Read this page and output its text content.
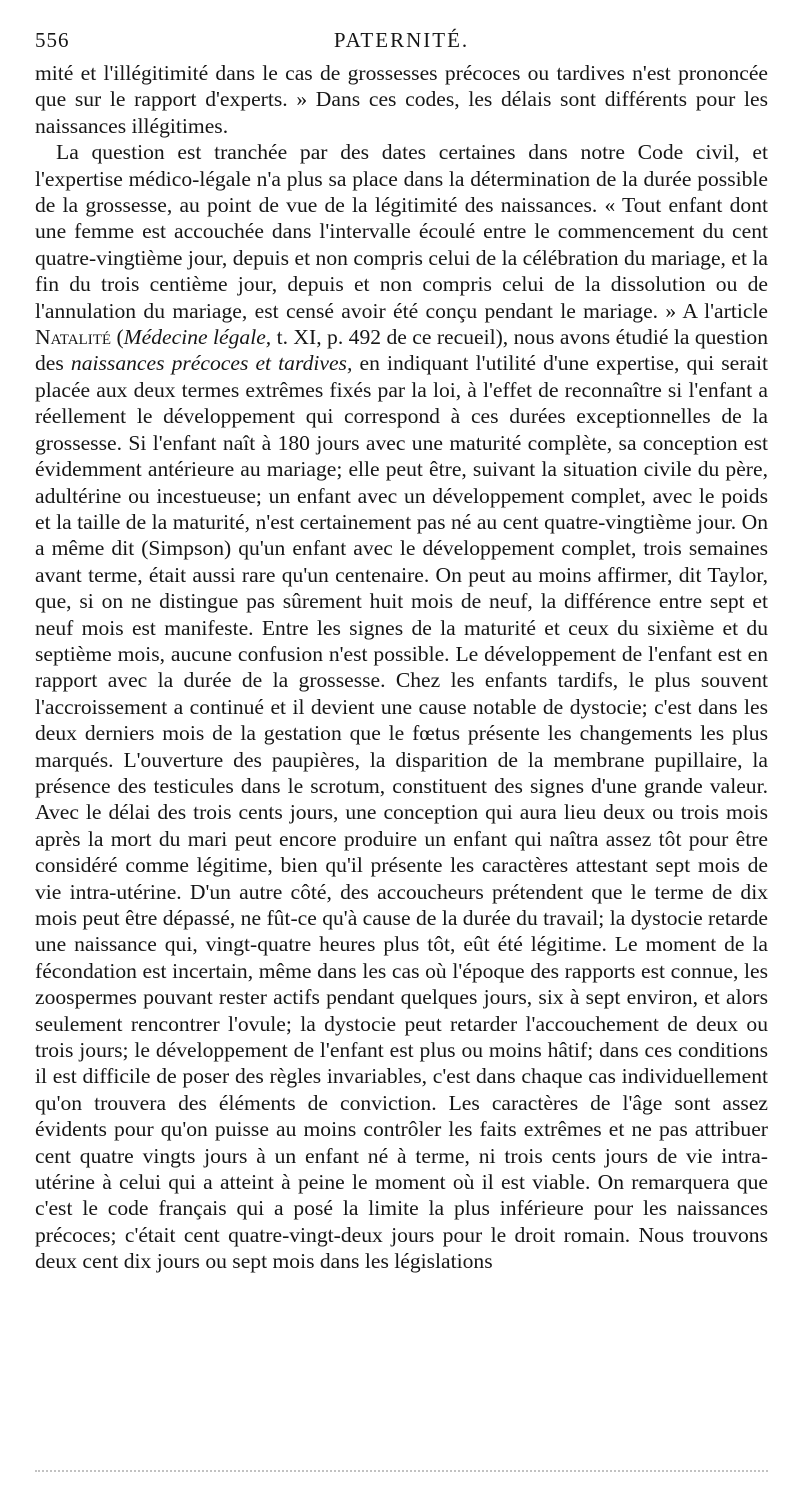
556	PATERNITÉ.

mité et l'illégitimité dans le cas de grossesses précoces ou tardives n'est prononcée que sur le rapport d'experts. » Dans ces codes, les délais sont différents pour les naissances illégitimes.

La question est tranchée par des dates certaines dans notre Code civil, et l'expertise médico-légale n'a plus sa place dans la détermination de la durée possible de la grossesse, au point de vue de la légitimité des naissances. « Tout enfant dont une femme est accouchée dans l'intervalle écoulé entre le commencement du cent quatre-vingtième jour, depuis et non compris celui de la célébration du mariage, et la fin du trois centième jour, depuis et non compris celui de la dissolution ou de l'annulation du mariage, est censé avoir été conçu pendant le mariage. » A l'article Natalité (Médecine légale, t. XI, p. 492 de ce recueil), nous avons étudié la question des naissances précoces et tardives, en indiquant l'utilité d'une expertise, qui serait placée aux deux termes extrêmes fixés par la loi, à l'effet de reconnaître si l'enfant a réellement le développement qui correspond à ces durées exceptionnelles de la grossesse. Si l'enfant naît à 180 jours avec une maturité complète, sa conception est évidemment antérieure au mariage; elle peut être, suivant la situation civile du père, adultérine ou incestueuse; un enfant avec un développement complet, avec le poids et la taille de la maturité, n'est certainement pas né au cent quatre-vingtième jour. On a même dit (Simpson) qu'un enfant avec le développement complet, trois semaines avant terme, était aussi rare qu'un centenaire. On peut au moins affirmer, dit Taylor, que, si on ne distingue pas sûrement huit mois de neuf, la différence entre sept et neuf mois est manifeste. Entre les signes de la maturité et ceux du sixième et du septième mois, aucune confusion n'est possible. Le développement de l'enfant est en rapport avec la durée de la grossesse. Chez les enfants tardifs, le plus souvent l'accroissement a continué et il devient une cause notable de dystocie; c'est dans les deux derniers mois de la gestation que le fœtus présente les changements les plus marqués. L'ouverture des paupières, la disparition de la membrane pupillaire, la présence des testicules dans le scrotum, constituent des signes d'une grande valeur. Avec le délai des trois cents jours, une conception qui aura lieu deux ou trois mois après la mort du mari peut encore produire un enfant qui naîtra assez tôt pour être considéré comme légitime, bien qu'il présente les caractères attestant sept mois de vie intra-utérine. D'un autre côté, des accoucheurs prétendent que le terme de dix mois peut être dépassé, ne fût-ce qu'à cause de la durée du travail; la dystocie retarde une naissance qui, vingt-quatre heures plus tôt, eût été légitime. Le moment de la fécondation est incertain, même dans les cas où l'époque des rapports est connue, les zoospermes pouvant rester actifs pendant quelques jours, six à sept environ, et alors seulement rencontrer l'ovule; la dystocie peut retarder l'accouchement de deux ou trois jours; le développement de l'enfant est plus ou moins hâtif; dans ces conditions il est difficile de poser des règles invariables, c'est dans chaque cas individuellement qu'on trouvera des éléments de conviction. Les caractères de l'âge sont assez évidents pour qu'on puisse au moins contrôler les faits extrêmes et ne pas attribuer cent quatre vingts jours à un enfant né à terme, ni trois cents jours de vie intra-utérine à celui qui a atteint à peine le moment où il est viable. On remarquera que c'est le code français qui a posé la limite la plus inférieure pour les naissances précoces; c'était cent quatre-vingt-deux jours pour le droit romain. Nous trouvons deux cent dix jours ou sept mois dans les législations
